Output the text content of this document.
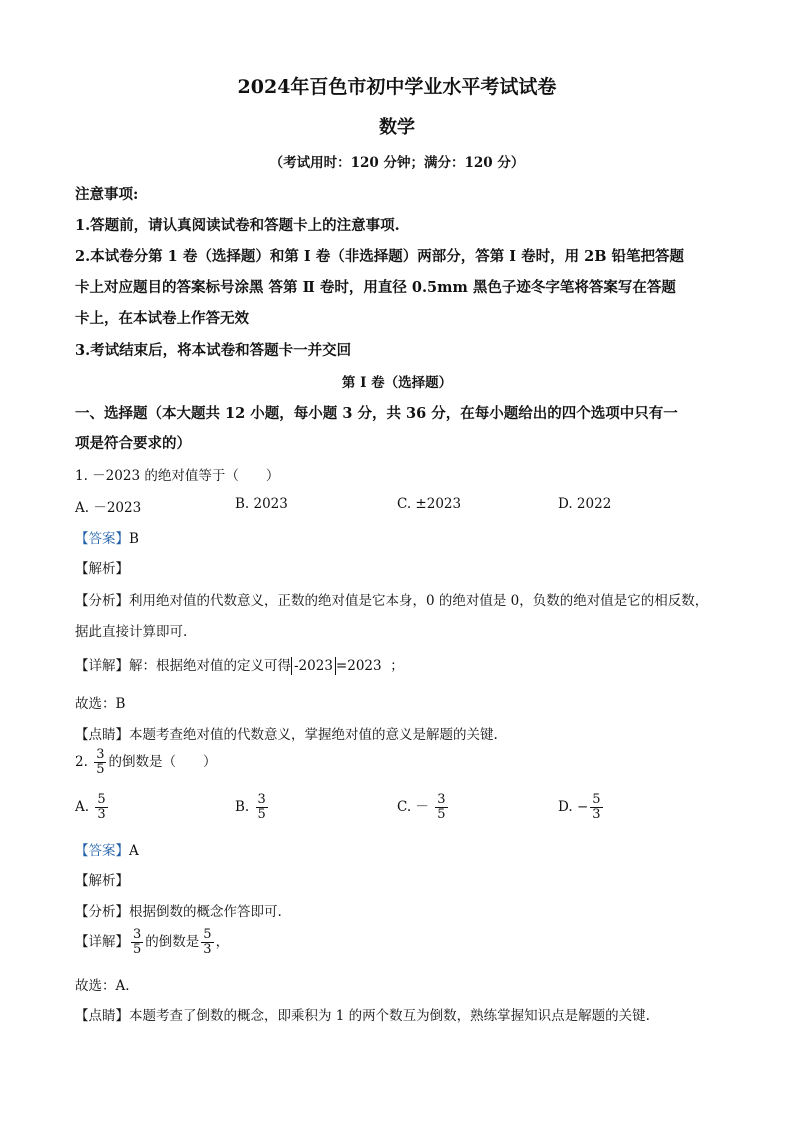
2024年百色市初中学业水平考试试卷
数学
（考试用时：120 分钟；满分：120 分）
注意事项:
1.答题前，请认真阅读试卷和答题卡上的注意事项.
2.本试卷分第 1 卷（选择题）和第 Ⅰ 卷（非选择题）两部分，答第 Ⅰ 卷时，用 2B 铅笔把答题
卡上对应题目的答案标号涂黑 答第 Ⅱ 卷时，用直径 0.5mm 黑色子迹冬字笔将答案写在答题
卡上，在本试卷上作答无效
3.考试结束后，将本试卷和答题卡一并交回
第 Ⅰ 卷（选择题）
一、选择题（本大题共 12 小题，每小题 3 分，共 36 分，在每小题给出的四个选项中只有一
项是符合要求的）
1. －2023 的绝对值等于（　　）
A. －2023	B. 2023	C. ±2023	D. 2022
【答案】B
【解析】
【分析】利用绝对值的代数意义，正数的绝对值是它本身，0 的绝对值是 0，负数的绝对值是它的相反数，
据此直接计算即可.
【详解】解：根据绝对值的定义可得 -2023 =2023 ；
故选：B
【点睛】本题考查绝对值的代数意义，掌握绝对值的意义是解题的关键.
2. $\frac{3}{5}$ 的倒数是（　　）
A. $\frac{5}{3}$	B. $\frac{3}{5}$	C. － $\frac{3}{5}$	D. − $\frac{5}{3}$
【答案】A
【解析】
【分析】根据倒数的概念作答即可.
【详解】 $\frac{3}{5}$ 的倒数是 $\frac{5}{3}$ ，
故选：A.
【点睛】本题考查了倒数的概念，即乘积为 1 的两个数互为倒数，熟练掌握知识点是解题的关键.
